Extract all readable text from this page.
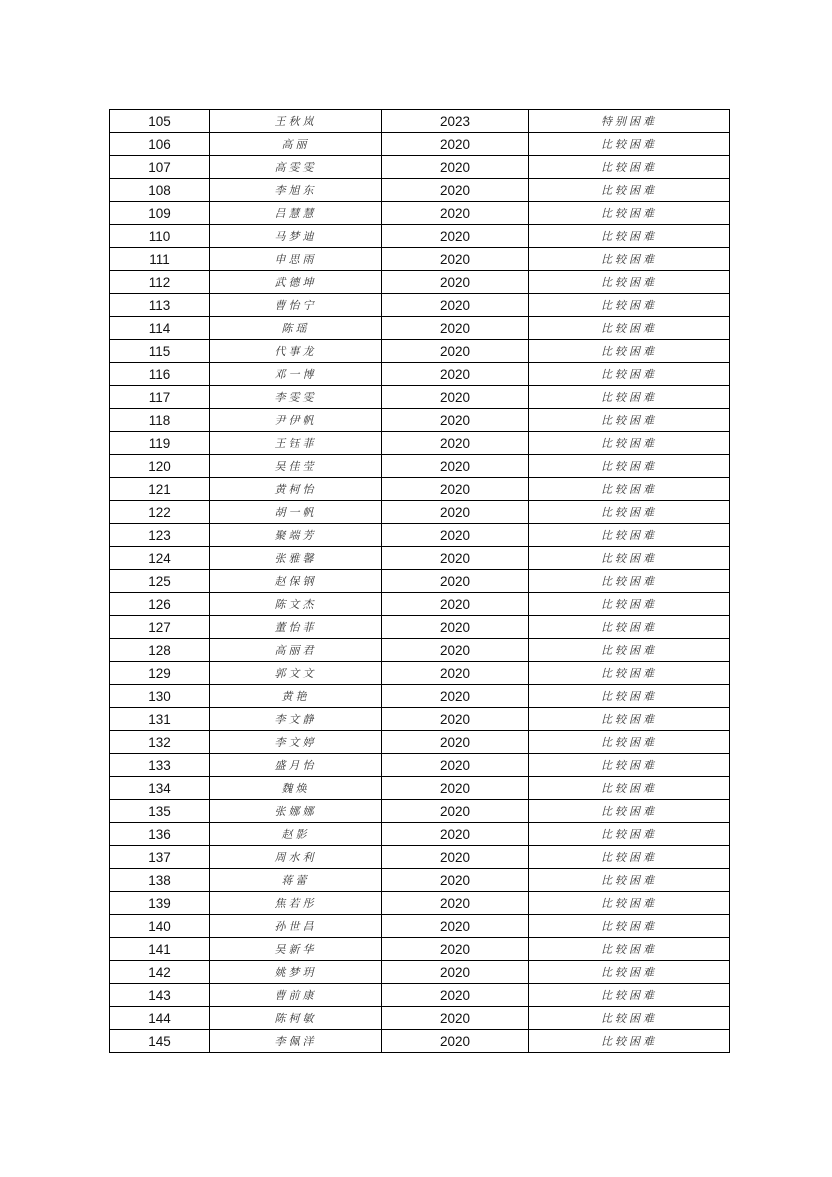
105	王秋岚	2023	特别困难
106	高丽	2020	比较困难
107	高雯雯	2020	比较困难
108	李旭东	2020	比较困难
109	吕慧慧	2020	比较困难
110	马梦迪	2020	比较困难
111	申思雨	2020	比较困难
112	武德坤	2020	比较困难
113	曹怡宁	2020	比较困难
114	陈瑶	2020	比较困难
115	代事龙	2020	比较困难
116	邓一博	2020	比较困难
117	李雯雯	2020	比较困难
118	尹伊帆	2020	比较困难
119	王钰菲	2020	比较困难
120	吴佳莹	2020	比较困难
121	黄柯怡	2020	比较困难
122	胡一帆	2020	比较困难
123	聚端芳	2020	比较困难
124	张雅馨	2020	比较困难
125	赵保钢	2020	比较困难
126	陈文杰	2020	比较困难
127	董怡菲	2020	比较困难
128	高丽君	2020	比较困难
129	郭文文	2020	比较困难
130	黄艳	2020	比较困难
131	李文静	2020	比较困难
132	李文婷	2020	比较困难
133	盛月怡	2020	比较困难
134	魏焕	2020	比较困难
135	张娜娜	2020	比较困难
136	赵影	2020	比较困难
137	周水利	2020	比较困难
138	蒋蕾	2020	比较困难
139	焦若彤	2020	比较困难
140	孙世昌	2020	比较困难
141	吴新华	2020	比较困难
142	姚梦玥	2020	比较困难
143	曹前康	2020	比较困难
144	陈柯敏	2020	比较困难
145	李佩洋	2020	比较困难
